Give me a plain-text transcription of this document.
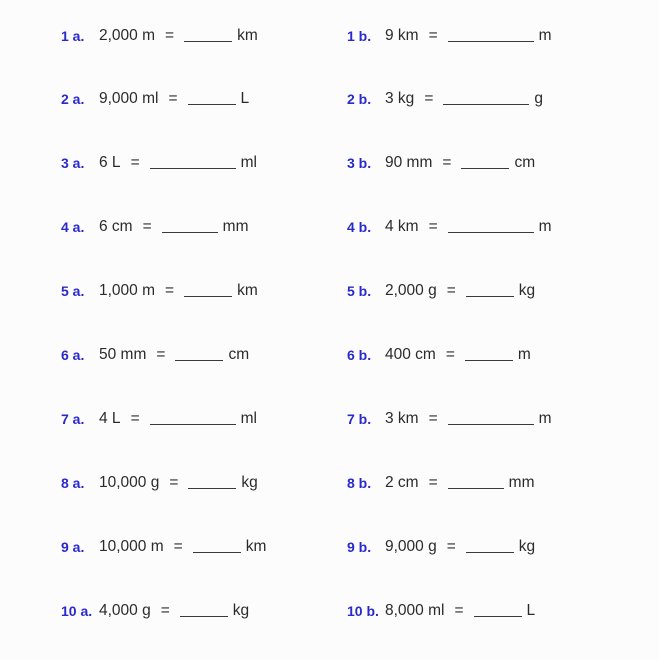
1 a. 2,000 m =	km	1 b. 9 km =	m
2 a. 9,000 ml =	L	2 b. 3 kg =	g
3 a. 6 L =	ml	3 b. 90 mm =	cm
4 a. 6 cm =	mm	4 b. 4 km =	m
5 a. 1,000 m =	km	5 b. 2,000 g =	kg
6 a. 50 mm =	cm	6 b. 400 cm =	m
7 a. 4 L =	ml	7 b. 3 km =	m
8 a. 10,000 g =	kg	8 b. 2 cm =	mm
9 a. 10,000 m =	km	9 b. 9,000 g =	kg
10 a. 4,000 g =	kg	10 b. 8,000 ml =	L
